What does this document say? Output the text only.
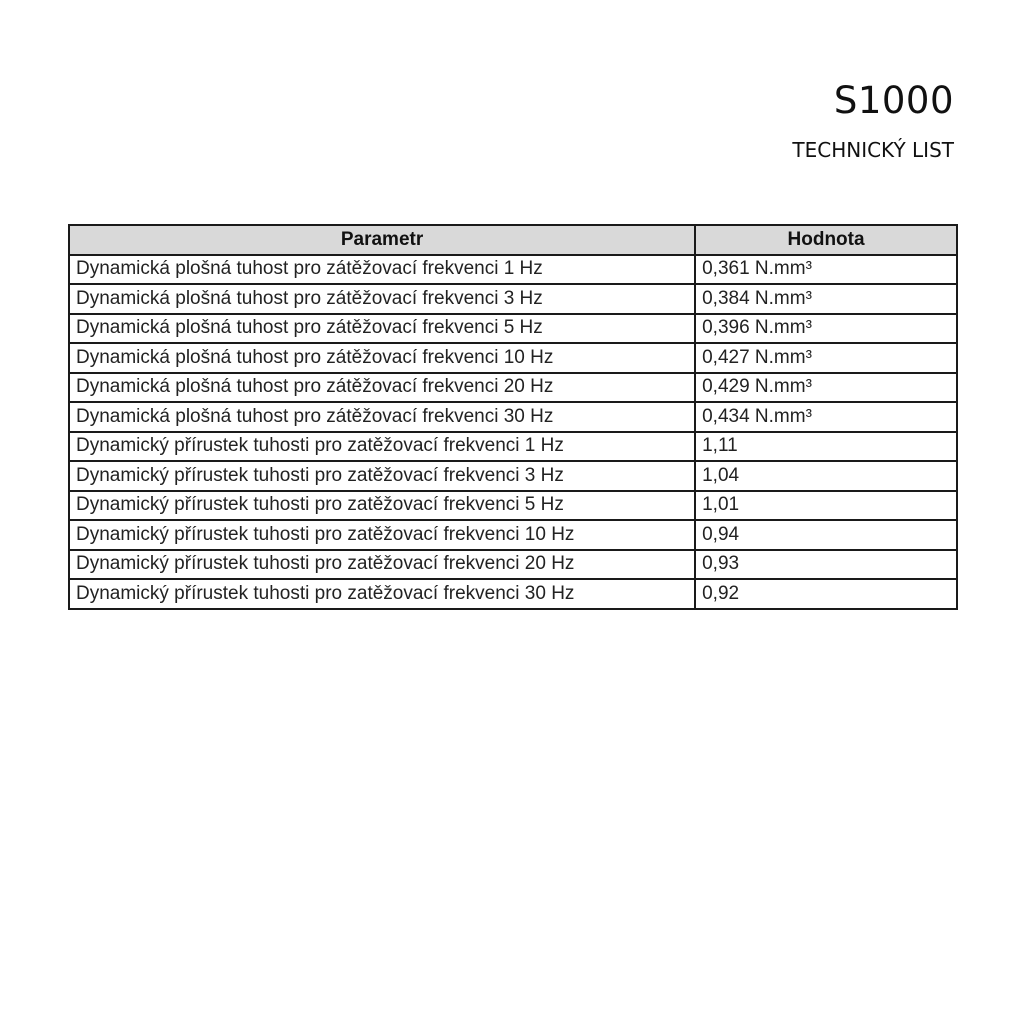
S1000
TECHNICKÝ LIST
Parametr	Hodnota
Dynamická plošná tuhost pro zátěžovací frekvenci 1 Hz	0,361 N.mm³
Dynamická plošná tuhost pro zátěžovací frekvenci 3 Hz	0,384 N.mm³
Dynamická plošná tuhost pro zátěžovací frekvenci 5 Hz	0,396 N.mm³
Dynamická plošná tuhost pro zátěžovací frekvenci 10 Hz	0,427 N.mm³
Dynamická plošná tuhost pro zátěžovací frekvenci 20 Hz	0,429 N.mm³
Dynamická plošná tuhost pro zátěžovací frekvenci 30 Hz	0,434 N.mm³
Dynamický přírustek tuhosti pro zatěžovací frekvenci 1 Hz	1,11
Dynamický přírustek tuhosti pro zatěžovací frekvenci 3 Hz	1,04
Dynamický přírustek tuhosti pro zatěžovací frekvenci 5 Hz	1,01
Dynamický přírustek tuhosti pro zatěžovací frekvenci 10 Hz	0,94
Dynamický přírustek tuhosti pro zatěžovací frekvenci 20 Hz	0,93
Dynamický přírustek tuhosti pro zatěžovací frekvenci 30 Hz	0,92
